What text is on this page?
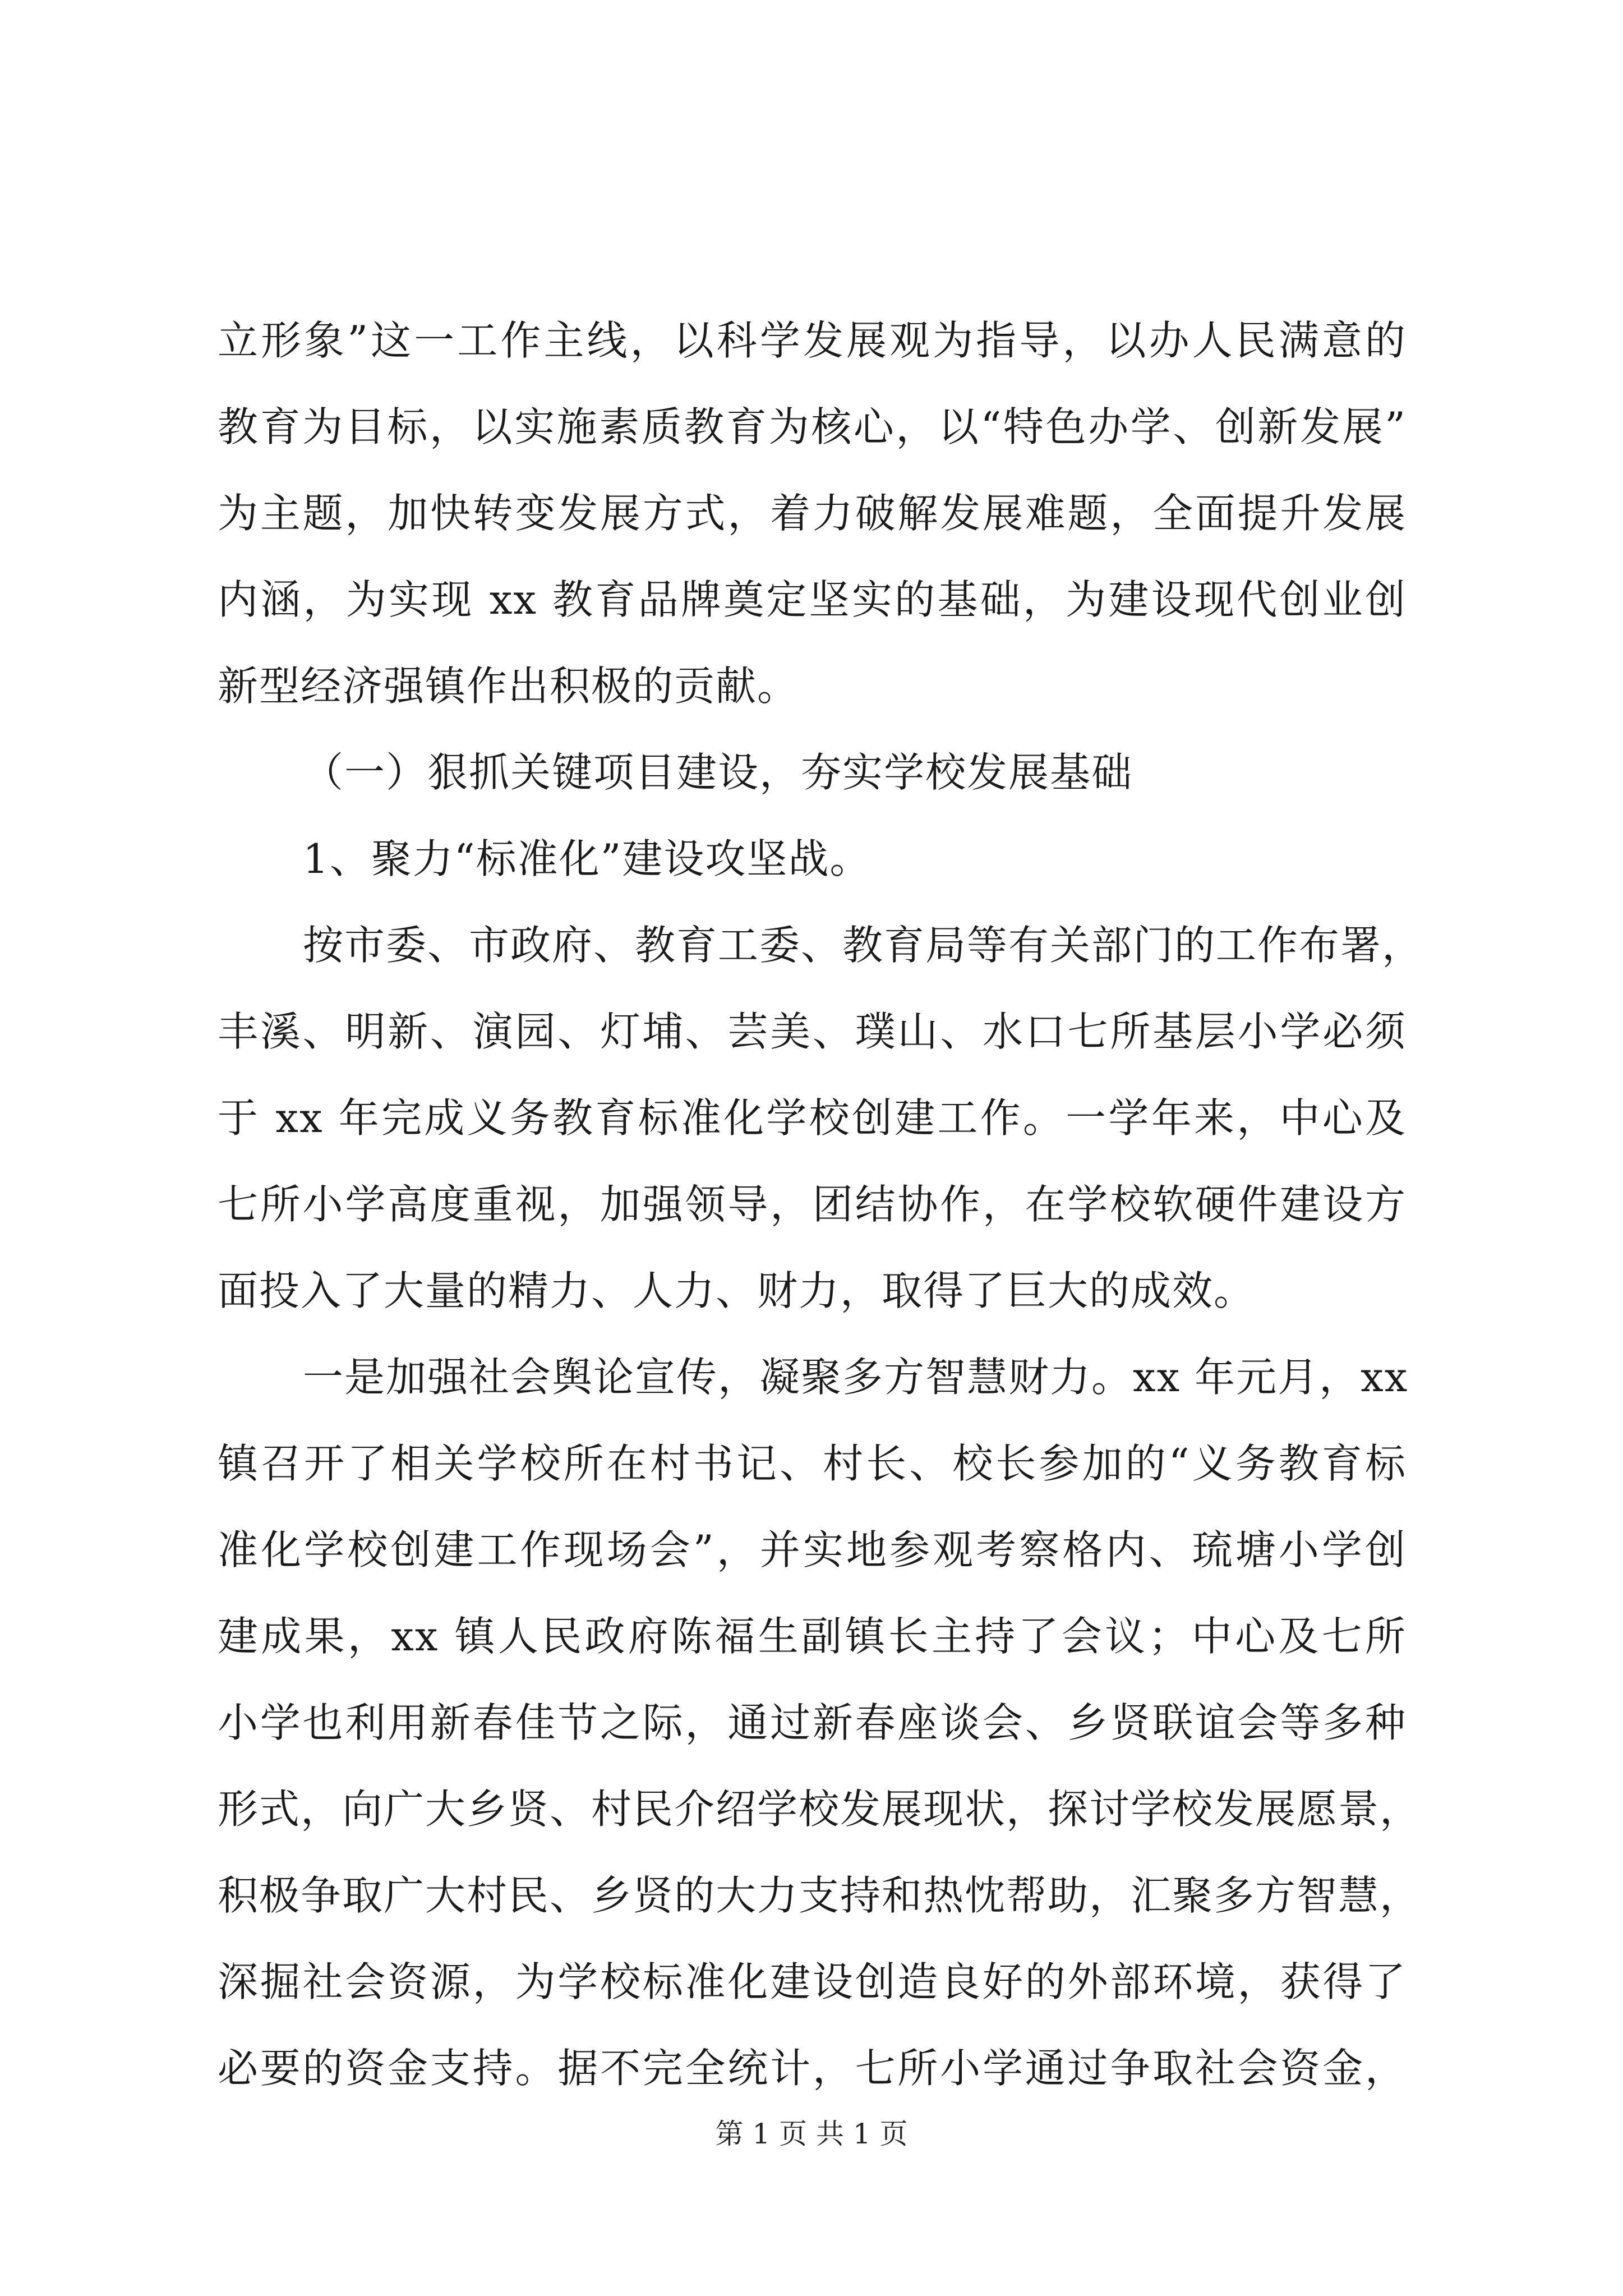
立形象”这一工作主线，以科学发展观为指导，以办人民满意的
教育为目标，以实施素质教育为核心，以“特色办学、创新发展”
为主题，加快转变发展方式，着力破解发展难题，全面提升发展
内涵，为实现 xx 教育品牌奠定坚实的基础，为建设现代创业创
新型经济强镇作出积极的贡献。
（一）狠抓关键项目建设，夯实学校发展基础
1、聚力“标准化”建设攻坚战。
按市委、市政府、教育工委、教育局等有关部门的工作布署，
丰溪、明新、演园、灯埔、芸美、璞山、水口七所基层小学必须
于 xx 年完成义务教育标准化学校创建工作。一学年来，中心及
七所小学高度重视，加强领导，团结协作，在学校软硬件建设方
面投入了大量的精力、人力、财力，取得了巨大的成效。
一是加强社会舆论宣传，凝聚多方智慧财力。xx 年元月，xx
镇召开了相关学校所在村书记、村长、校长参加的“义务教育标
准化学校创建工作现场会”，并实地参观考察格内、琉塘小学创
建成果，xx 镇人民政府陈福生副镇长主持了会议；中心及七所
小学也利用新春佳节之际，通过新春座谈会、乡贤联谊会等多种
形式，向广大乡贤、村民介绍学校发展现状，探讨学校发展愿景，
积极争取广大村民、乡贤的大力支持和热忱帮助，汇聚多方智慧，
深掘社会资源，为学校标准化建设创造良好的外部环境，获得了
必要的资金支持。据不完全统计，七所小学通过争取社会资金，
第 1 页 共 1 页
